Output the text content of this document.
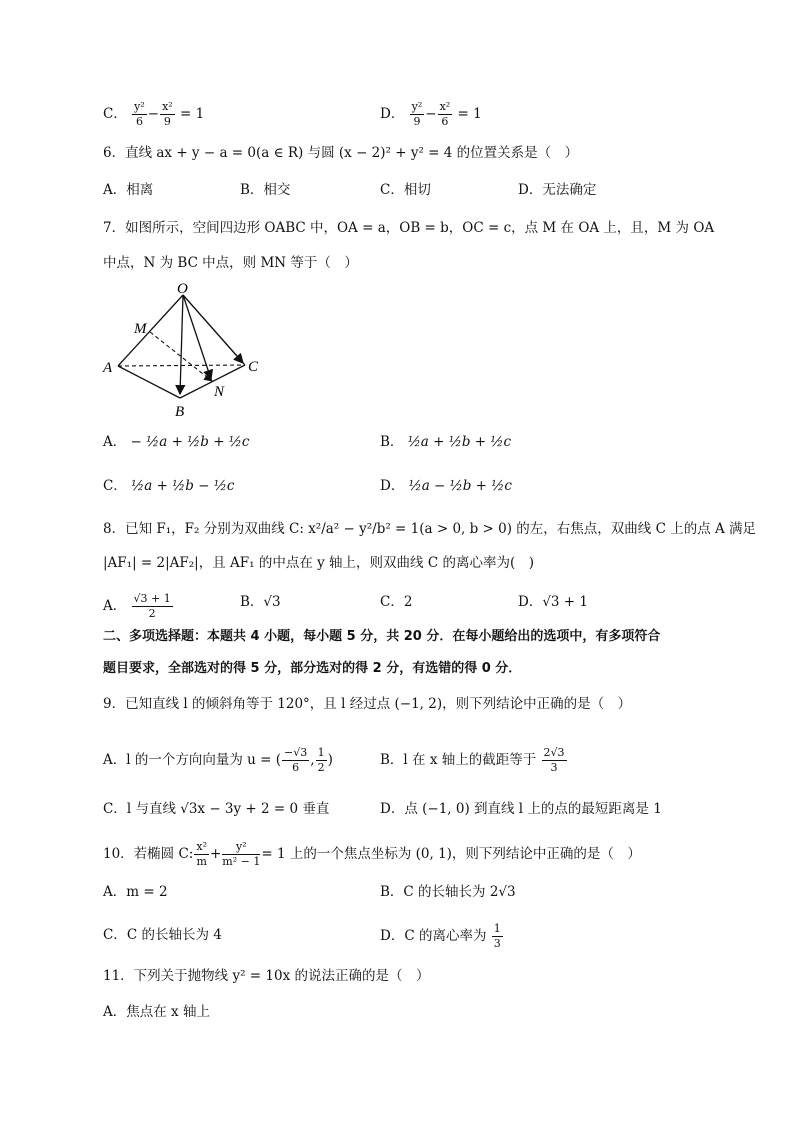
C． $\frac{\text{y²}}{6} - \frac{\text{x²}}{9} = 1$	D． $\frac{\text{y²}}{9} - \frac{\text{x²}}{6} = 1$
6．直线 ax + y − a = 0(a ∈ R) 与圆 (x − 2)² + y² = 4 的位置关系是（　）
A．相离	B．相交	C．相切	D．无法确定
7．如图所示，空间四边形 OABC 中，OA = a，OB = b，OC = c，点 M 在 OA 上，且，M 为 OA
中点，N 为 BC 中点，则 MN 等于（　）
O
M
A	C
N
B
A． − ½a + ½b + ½c	B． ½a + ½b + ½c
C． ½a + ½b − ½c	D． ½a − ½b + ½c
8．已知 F₁，F₂ 分别为双曲线 C: x²/a² − y²/b² = 1(a > 0, b > 0) 的左，右焦点，双曲线 C 上的点 A 满足
|AF₁| = 2|AF₂|，且 AF₁ 的中点在 y 轴上，则双曲线 C 的离心率为(　)
A． $\frac{√3 + 1}{2}$	B．√3	C．2	D．√3 + 1
二、多项选择题：本题共 4 小题，每小题 5 分，共 20 分．在每小题给出的选项中，有多项符合
题目要求，全部选对的得 5 分，部分选对的得 2 分，有选错的得 0 分．
9．已知直线 l 的倾斜角等于 120°，且 l 经过点 (−1, 2)，则下列结论中正确的是（　）
A．l 的一个方向向量为 u = ( $\frac{-√3}{6}$ , $\frac{1}{2}$ )	B．l 在 x 轴上的截距等于 $\frac{2√3}{3}$
C．l 与直线 √3x − 3y + 2 = 0 垂直	D．点 (−1, 0) 到直线 l 上的点的最短距离是 1
10．若椭圆 C: $\frac{\text{x²}}{m} + \frac{\text{y²}}{\text{m² − 1}} = 1$ 上的一个焦点坐标为 (0, 1)，则下列结论中正确的是（　）
A．m = 2	B．C 的长轴长为 2√3
C．C 的长轴长为 4	D．C 的离心率为 $\frac{1}{3}$
11．下列关于抛物线 y² = 10x 的说法正确的是（　）
A．焦点在 x 轴上
